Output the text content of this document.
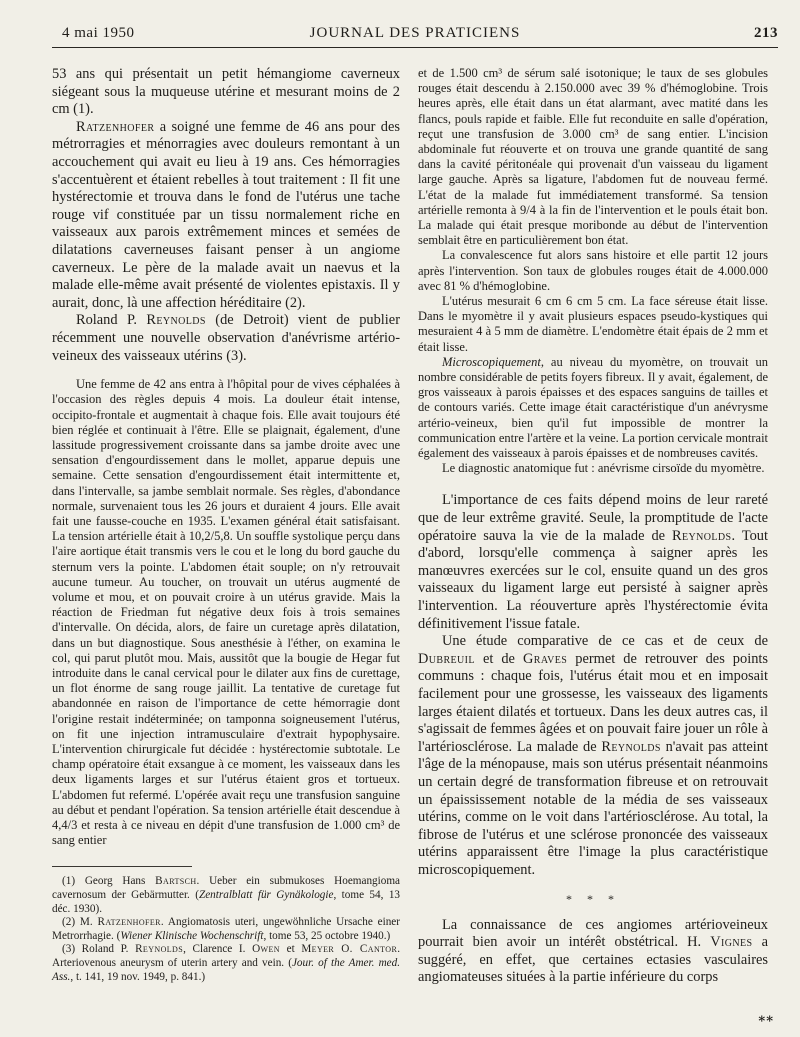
4 mai 1950	JOURNAL DES PRATICIENS	213

53 ans qui présentait un petit hémangiome caverneux siégeant sous la muqueuse utérine et mesurant moins de 2 cm (1).

Ratzenhofer a soigné une femme de 46 ans pour des métrorragies et ménorragies avec douleurs remontant à un accouchement qui avait eu lieu à 19 ans. Ces hémorragies s'accentuèrent et étaient rebelles à tout traitement : Il fit une hystérectomie et trouva dans le fond de l'utérus une tache rouge vif constituée par un tissu normalement riche en vaisseaux aux parois extrêmement minces et semées de dilatations caverneuses faisant penser à un angiome caverneux. Le père de la malade avait un naevus et la malade elle-même avait présenté de violentes epistaxis. Il y aurait, donc, là une affection héréditaire (2).

Roland P. Reynolds (de Detroit) vient de publier récemment une nouvelle observation d'anévrisme artério-veineux des vaisseaux utérins (3).

Une femme de 42 ans entra à l'hôpital pour de vives céphalées à l'occasion des règles depuis 4 mois. La douleur était intense, occipito-frontale et augmentait à chaque fois. Elle avait toujours été bien réglée et continuait à l'être. Elle se plaignait, également, d'une lassitude progressivement croissante dans sa jambe droite avec une sensation d'engourdissement dans le mollet, apparue depuis une semaine. Cette sensation d'engourdissement était intermittente et, dans l'intervalle, sa jambe semblait normale. Ses règles, d'abondance normale, survenaient tous les 26 jours et duraient 4 jours. Elle avait fait une fausse-couche en 1935. L'examen général était satisfaisant. La tension artérielle était à 10,2/5,8. Un souffle systolique perçu dans l'aire aortique était transmis vers le cou et le long du bord gauche du sternum vers la pointe. L'abdomen était souple; on n'y retrouvait aucune tumeur. Au toucher, on trouvait un utérus augmenté de volume et mou, et on pouvait croire à un utérus gravide. Mais la réaction de Friedman fut négative deux fois à trois semaines d'intervalle. On décida, alors, de faire un curetage après dilatation, dans un but diagnostique. Sous anesthésie à l'éther, on examina le col, qui parut plutôt mou. Mais, aussitôt que la bougie de Hegar fut introduite dans le canal cervical pour le dilater aux fins de curettage, un flot énorme de sang rouge jaillit. La tentative de curetage fut abandonnée en raison de l'importance de cette hémorragie dont l'origine restait indéterminée; on tamponna soigneusement l'utérus, on fit une injection intramusculaire d'extrait hypophysaire. L'intervention chirurgicale fut décidée : hystérectomie subtotale. Le champ opératoire était exsangue à ce moment, les vaisseaux dans les deux ligaments larges et sur l'utérus étaient gros et tortueux. L'abdomen fut refermé. L'opérée avait reçu une transfusion sanguine au début et pendant l'opération. Sa tension artérielle était descendue à 4,4/3 et resta à ce niveau en dépit d'une transfusion de 1.000 cm³ de sang entier

(1) Georg Hans Bartsch. Ueber ein submukoses Hoemangioma cavernosum der Gebärmutter. (Zentralblatt für Gynäkologie, tome 54, 13 déc. 1930).

(2) M. Ratzenhofer. Angiomatosis uteri, ungewöhnliche Ursache einer Metrorrhagie. (Wiener Klinische Wochenschrift, tome 53, 25 octobre 1940.)

(3) Roland P. Reynolds, Clarence I. Owen et Meyer O. Cantor. Arteriovenous aneurysm of uterin artery and vein. (Jour. of the Amer. med. Ass., t. 141, 19 nov. 1949, p. 841.)

et de 1.500 cm³ de sérum salé isotonique; le taux de ses globules rouges était descendu à 2.150.000 avec 39 % d'hémoglobine. Trois heures après, elle était dans un état alarmant, avec matité dans les flancs, pouls rapide et faible. Elle fut reconduite en salle d'opération, reçut une transfusion de 3.000 cm³ de sang entier. L'incision abdominale fut réouverte et on trouva une grande quantité de sang dans la cavité péritonéale qui provenait d'un vaisseau du ligament large gauche. Après sa ligature, l'abdomen fut de nouveau fermé. L'état de la malade fut immédiatement transformé. Sa tension artérielle remonta à 9/4 à la fin de l'intervention et le pouls était bon. La malade qui était presque moribonde au début de l'intervention semblait être en particulièrement bon état.

La convalescence fut alors sans histoire et elle partit 12 jours après l'intervention. Son taux de globules rouges était de 4.000.000 avec 81 % d'hémoglobine.

L'utérus mesurait 6 cm 6 cm 5 cm. La face séreuse était lisse. Dans le myomètre il y avait plusieurs espaces pseudo-kystiques qui mesuraient 4 à 5 mm de diamètre. L'endomètre était épais de 2 mm et était lisse.

Microscopiquement, au niveau du myomètre, on trouvait un nombre considérable de petits foyers fibreux. Il y avait, également, de gros vaisseaux à parois épaisses et des espaces sanguins de tailles et de contours variés. Cette image était caractéristique d'un anévrysme artério-veineux, bien qu'il fut impossible de montrer la communication entre l'artère et la veine. La portion cervicale montrait également des vaisseaux à parois épaisses et de nombreuses cavités.

Le diagnostic anatomique fut : anévrisme cirsoïde du myomètre.

L'importance de ces faits dépend moins de leur rareté que de leur extrême gravité. Seule, la promptitude de l'acte opératoire sauva la vie de la malade de Reynolds. Tout d'abord, lorsqu'elle commença à saigner après les manœuvres exercées sur le col, ensuite quand un des gros vaisseaux du ligament large eut persisté à saigner après l'intervention. La réouverture après l'hystérectomie évita définitivement l'issue fatale.

Une étude comparative de ce cas et de ceux de Dubreuil et de Graves permet de retrouver des points communs : chaque fois, l'utérus était mou et en imposait facilement pour une grossesse, les vaisseaux des ligaments larges étaient dilatés et tortueux. Dans les deux autres cas, il s'agissait de femmes âgées et on pouvait faire jouer un rôle à l'artériosclérose. La malade de Reynolds n'avait pas atteint l'âge de la ménopause, mais son utérus présentait néanmoins un certain degré de transformation fibreuse et on retrouvait un épaississement notable de la média de ses vaisseaux utérins, comme on le voit dans l'artériosclérose. Au total, la fibrose de l'utérus et une sclérose prononcée des vaisseaux utérins apparaissent être l'image la plus caractéristique microscopiquement.

* * *

La connaissance de ces angiomes artérioveineux pourrait bien avoir un intérêt obstétrical. H. Vignes a suggéré, en effet, que certaines ectasies vasculaires angiomateuses situées à la partie inférieure du corps

**
